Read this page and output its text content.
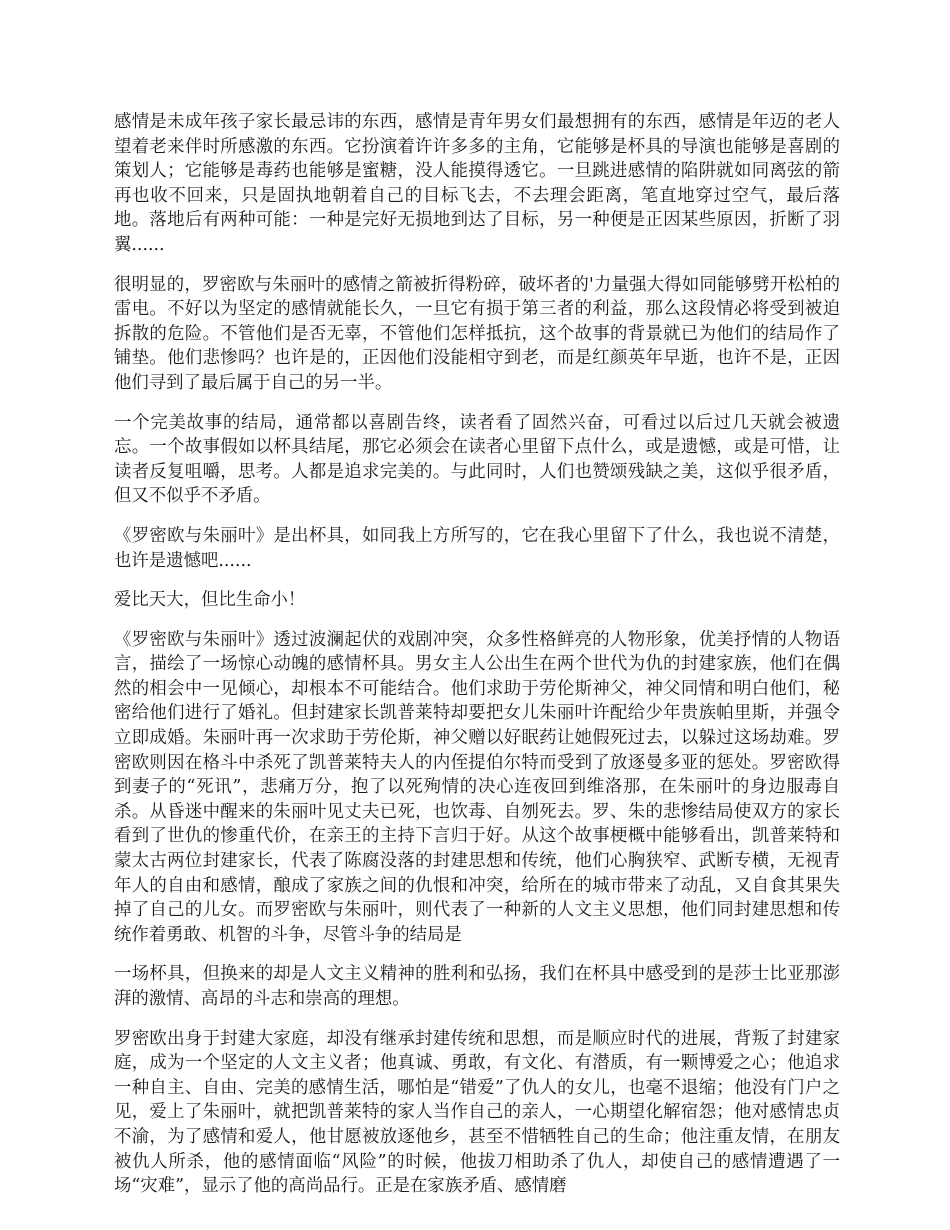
感情是未成年孩子家长最忌讳的东西，感情是青年男女们最想拥有的东西，感情是年迈的老人望着老来伴时所感激的东西。它扮演着许许多多的主角，它能够是杯具的导演也能够是喜剧的策划人；它能够是毒药也能够是蜜糖，没人能摸得透它。一旦跳进感情的陷阱就如同离弦的箭再也收不回来，只是固执地朝着自己的目标飞去，不去理会距离，笔直地穿过空气，最后落地。落地后有两种可能：一种是完好无损地到达了目标，另一种便是正因某些原因，折断了羽翼......

很明显的，罗密欧与朱丽叶的感情之箭被折得粉碎，破坏者的'力量强大得如同能够劈开松柏的雷电。不好以为坚定的感情就能长久，一旦它有损于第三者的利益，那么这段情必将受到被迫拆散的危险。不管他们是否无辜，不管他们怎样抵抗，这个故事的背景就已为他们的结局作了铺垫。他们悲惨吗？也许是的，正因他们没能相守到老，而是红颜英年早逝，也许不是，正因他们寻到了最后属于自己的另一半。

一个完美故事的结局，通常都以喜剧告终，读者看了固然兴奋，可看过以后过几天就会被遗忘。一个故事假如以杯具结尾，那它必须会在读者心里留下点什么，或是遗憾，或是可惜，让读者反复咀嚼，思考。人都是追求完美的。与此同时，人们也赞颂残缺之美，这似乎很矛盾，但又不似乎不矛盾。

《罗密欧与朱丽叶》是出杯具，如同我上方所写的，它在我心里留下了什么，我也说不清楚，也许是遗憾吧......

爱比天大，但比生命小！

《罗密欧与朱丽叶》透过波澜起伏的戏剧冲突，众多性格鲜亮的人物形象，优美抒情的人物语言，描绘了一场惊心动魄的感情杯具。男女主人公出生在两个世代为仇的封建家族，他们在偶然的相会中一见倾心，却根本不可能结合。他们求助于劳伦斯神父，神父同情和明白他们，秘密给他们进行了婚礼。但封建家长凯普莱特却要把女儿朱丽叶许配给少年贵族帕里斯，并强令立即成婚。朱丽叶再一次求助于劳伦斯，神父赠以好眠药让她假死过去，以躲过这场劫难。罗密欧则因在格斗中杀死了凯普莱特夫人的内侄提伯尔特而受到了放逐曼多亚的惩处。罗密欧得到妻子的“死讯”，悲痛万分，抱了以死殉情的决心连夜回到维洛那，在朱丽叶的身边服毒自杀。从昏迷中醒来的朱丽叶见丈夫已死，也饮毒、自刎死去。罗、朱的悲惨结局使双方的家长看到了世仇的惨重代价，在亲王的主持下言归于好。从这个故事梗概中能够看出，凯普莱特和蒙太古两位封建家长，代表了陈腐没落的封建思想和传统，他们心胸狭窄、武断专横，无视青年人的自由和感情，酿成了家族之间的仇恨和冲突，给所在的城市带来了动乱，又自食其果失掉了自己的儿女。而罗密欧与朱丽叶，则代表了一种新的人文主义思想，他们同封建思想和传统作着勇敢、机智的斗争，尽管斗争的结局是

一场杯具，但换来的却是人文主义精神的胜利和弘扬，我们在杯具中感受到的是莎士比亚那澎湃的激情、高昂的斗志和崇高的理想。

罗密欧出身于封建大家庭，却没有继承封建传统和思想，而是顺应时代的进展，背叛了封建家庭，成为一个坚定的人文主义者；他真诚、勇敢，有文化、有潜质，有一颗博爱之心；他追求一种自主、自由、完美的感情生活，哪怕是“错爱”了仇人的女儿，也毫不退缩；他没有门户之见，爱上了朱丽叶，就把凯普莱特的家人当作自己的亲人，一心期望化解宿怨；他对感情忠贞不渝，为了感情和爱人，他甘愿被放逐他乡，甚至不惜牺牲自己的生命；他注重友情，在朋友被仇人所杀，他的感情面临“风险”的时候，他拔刀相助杀了仇人，却使自己的感情遭遇了一场“灾难”，显示了他的高尚品行。正是在家族矛盾、感情磨
